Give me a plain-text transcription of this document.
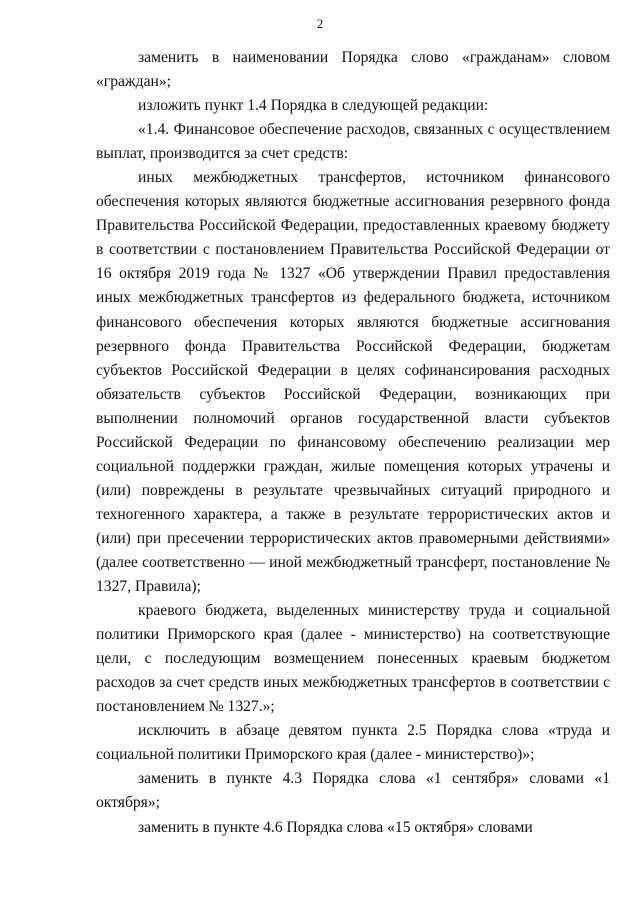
2

заменить в наименовании Порядка слово «гражданам» словом «граждан»;

изложить пункт 1.4 Порядка в следующей редакции:

«1.4. Финансовое обеспечение расходов, связанных с осуществлением выплат, производится за счет средств:

иных межбюджетных трансфертов, источником финансового обеспечения которых являются бюджетные ассигнования резервного фонда Правительства Российской Федерации, предоставленных краевому бюджету в соответствии с постановлением Правительства Российской Федерации от 16 октября 2019 года № 1327 «Об утверждении Правил предоставления иных межбюджетных трансфертов из федерального бюджета, источником финансового обеспечения которых являются бюджетные ассигнования резервного фонда Правительства Российской Федерации, бюджетам субъектов Российской Федерации в целях софинансирования расходных обязательств субъектов Российской Федерации, возникающих при выполнении полномочий органов государственной власти субъектов Российской Федерации по финансовому обеспечению реализации мер социальной поддержки граждан, жилые помещения которых утрачены и (или) повреждены в результате чрезвычайных ситуаций природного и техногенного характера, а также в результате террористических актов и (или) при пресечении террористических актов правомерными действиями» (далее соответственно — иной межбюджетный трансферт, постановление № 1327, Правила);

краевого бюджета, выделенных министерству труда и социальной политики Приморского края (далее - министерство) на соответствующие цели, с последующим возмещением понесенных краевым бюджетом расходов за счет средств иных межбюджетных трансфертов в соответствии с постановлением № 1327.»;

исключить в абзаце девятом пункта 2.5 Порядка слова «труда и социальной политики Приморского края (далее - министерство)»;

заменить в пункте 4.3 Порядка слова «1 сентября» словами «1 октября»;

заменить в пункте 4.6 Порядка слова «15 октября» словами
